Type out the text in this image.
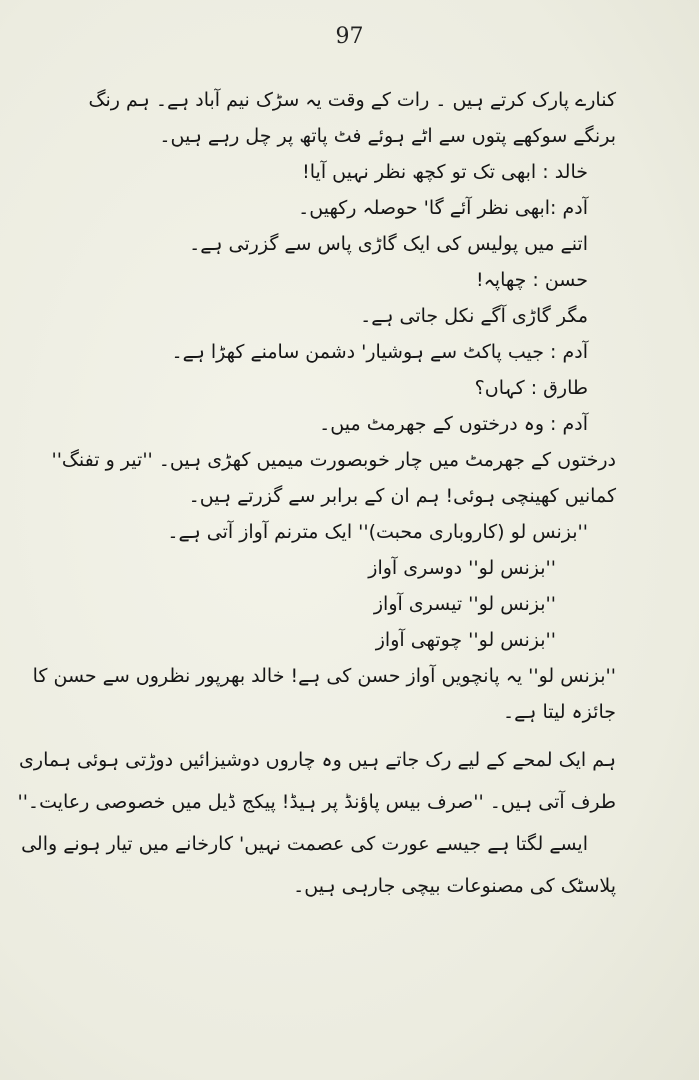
97
کنارے پارک کرتے ہیں ۔ رات کے وقت یہ سڑک نیم آباد ہے۔ ہم رنگ
برنگے سوکھے پتوں سے اٹے ہوئے فٹ پاتھ پر چل رہے ہیں۔
خالد : ابھی تک تو کچھ نظر نہیں آیا!
آدم :ابھی نظر آئے گا' حوصلہ رکھیں۔
اتنے میں پولیس کی ایک گاڑی پاس سے گزرتی ہے۔
حسن : چھاپہ!
مگر گاڑی آگے نکل جاتی ہے۔
آدم : جیب پاکٹ سے ہوشیار' دشمن سامنے کھڑا ہے۔
طارق : کہاں؟
آدم : وہ درختوں کے جھرمٹ میں۔
درختوں کے جھرمٹ میں چار خوبصورت میمیں کھڑی ہیں۔ ''تیر و تفنگ''
کمانیں کھینچی ہوئی! ہم ان کے برابر سے گزرتے ہیں۔
''بزنس لو (کاروباری محبت)'' ایک مترنم آواز آتی ہے۔
''بزنس لو'' دوسری آواز
''بزنس لو'' تیسری آواز
''بزنس لو'' چوتھی آواز
''بزنس لو'' یہ پانچویں آواز حسن کی ہے! خالد بھرپور نظروں سے حسن کا
جائزہ لیتا ہے۔
ہم ایک لمحے کے لیے رک جاتے ہیں وہ چاروں دوشیزائیں دوڑتی ہوئی ہماری
طرف آتی ہیں۔ ''صرف بیس پاؤنڈ پر ہیڈ! پیکج ڈیل میں خصوصی رعایت۔''
ایسے لگتا ہے جیسے عورت کی عصمت نہیں' کارخانے میں تیار ہونے والی
پلاسٹک کی مصنوعات بیچی جارہی ہیں۔
